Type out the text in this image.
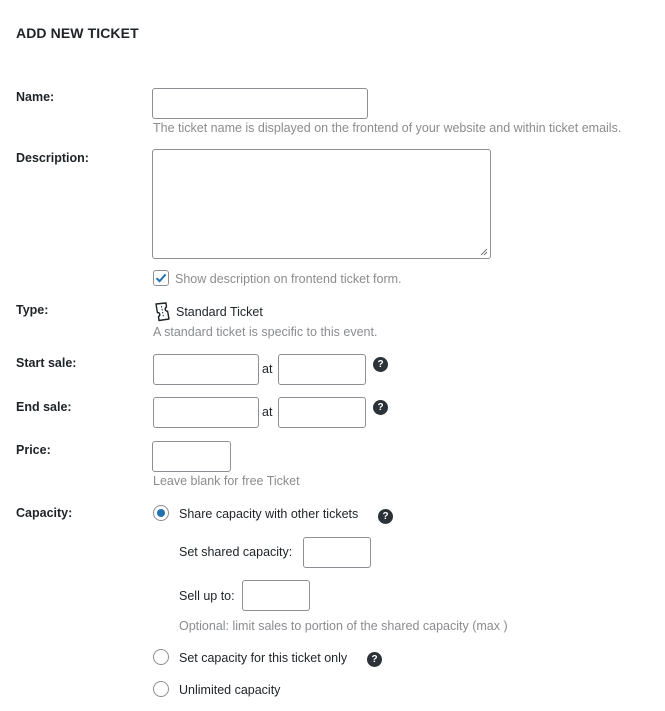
ADD NEW TICKET
Name:
The ticket name is displayed on the frontend of your website and within ticket emails.
Description:
Show description on frontend ticket form.
Type:	Standard Ticket
A standard ticket is specific to this event.
Start sale:	at	?
End sale:	at	?
Price:
Leave blank for free Ticket
Capacity:	Share capacity with other tickets	?
Set shared capacity:
Sell up to:
Optional: limit sales to portion of the shared capacity (max )
Set capacity for this ticket only	?
Unlimited capacity
